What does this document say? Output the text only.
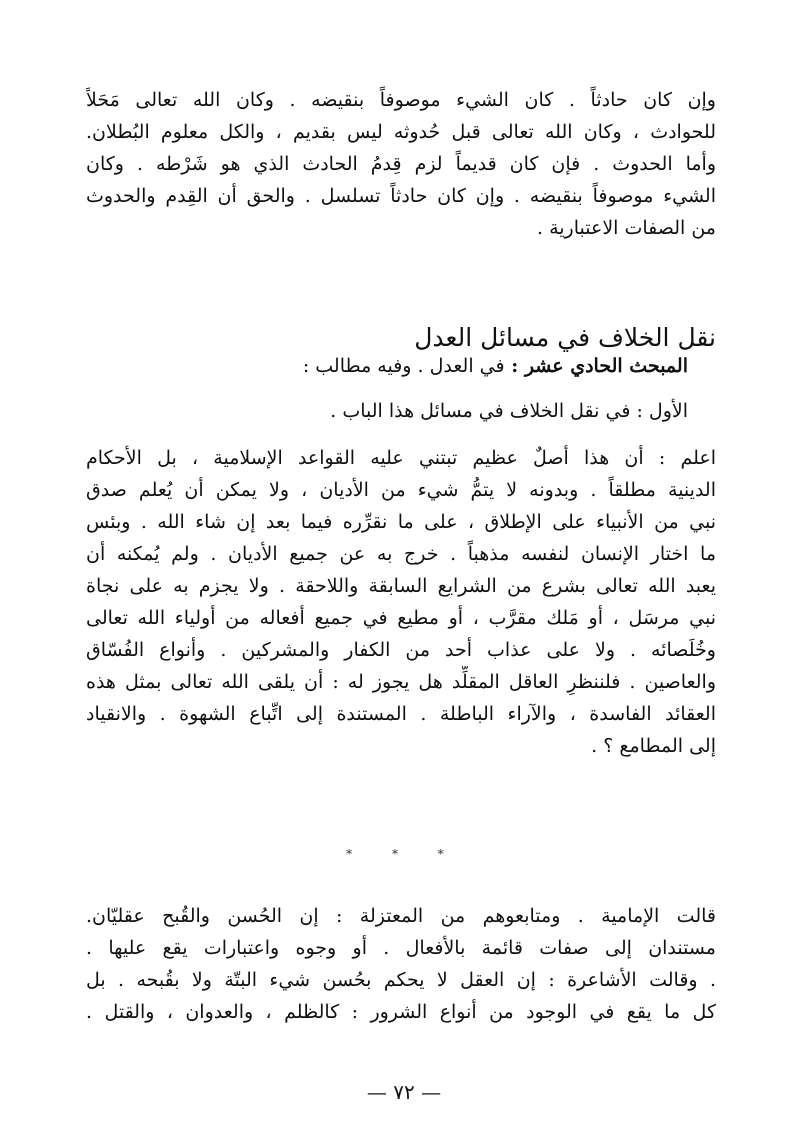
وإن كان حادثاً . كان الشيء موصوفاً بنقيضه . وكان الله تعالى مَحَلاً
للحوادث ، وكان الله تعالى قبل حُدوثه ليس بقديم ، والكل معلوم البُطلان.
وأما الحدوث . فإن كان قديماً لزم قِدمُ الحادث الذي هو شَرْطه . وكان
الشيء موصوفاً بنقيضه . وإن كان حادثاً تسلسل . والحق أن القِدم والحدوث
من الصفات الاعتبارية .
نقل الخلاف في مسائل العدل
المبحث الحادي عشر : في العدل . وفيه مطالب :
الأول : في نقل الخلاف في مسائل هذا الباب .
اعلم : أن هذا أصلٌ عظيم تبتني عليه القواعد الإسلامية ، بل الأحكام
الدينية مطلقاً . وبدونه لا يتمُّ شيء من الأديان ، ولا يمكن أن يُعلم صدق
نبي من الأنبياء على الإطلاق ، على ما نقرِّره فيما بعد إن شاء الله . وبئس
ما اختار الإنسان لنفسه مذهباً . خرج به عن جميع الأديان . ولم يُمكنه أن
يعبد الله تعالى بشرع من الشرايع السابقة واللاحقة . ولا يجزم به على نجاة
نبي مرسَل ، أو مَلك مقرَّب ، أو مطيع في جميع أفعاله من أولياء الله تعالى
وخُلَصائه . ولا على عذاب أحد من الكفار والمشركين . وأنواع الفُسّاق
والعاصين . فلننظرِ العاقل المقلِّد هل يجوز له : أن يلقى الله تعالى بمثل هذه
العقائد الفاسدة ، والآراء الباطلة . المستندة إلى اتِّباع الشهوة . والانقياد
إلى المطامع ؟ .
* * *
قالت الإمامية . ومتابعوهم من المعتزلة : إن الحُسن والقُبح عقليّان.
مستندان إلى صفات قائمة بالأفعال . أو وجوه واعتبارات يقع عليها .
. وقالت الأشاعرة : إن العقل لا يحكم بحُسن شيء البتّة ولا بقُبحه . بل
كل ما يقع في الوجود من أنواع الشرور : كالظلم ، والعدوان ، والقتل .
— ٧٢ —
